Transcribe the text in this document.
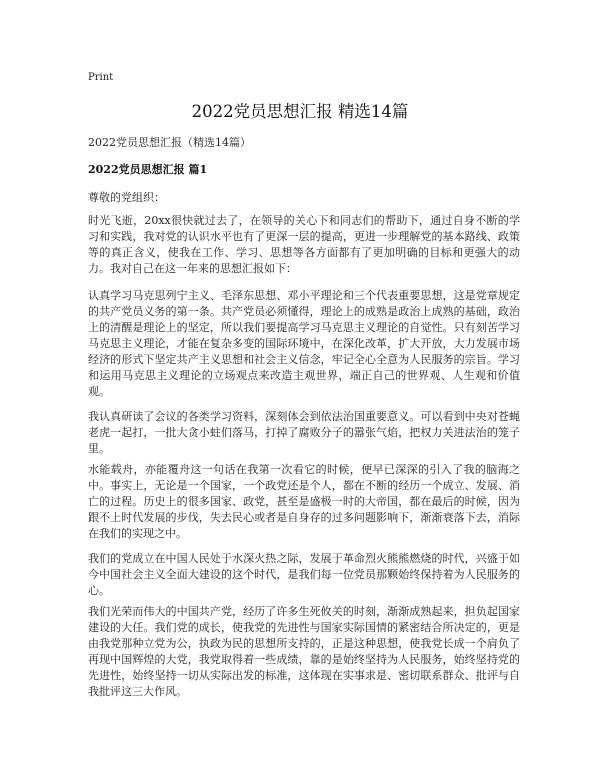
Print
2022党员思想汇报 精选14篇
2022党员思想汇报（精选14篇）
2022党员思想汇报 篇1
尊敬的党组织：

时光飞逝，20xx很快就过去了，在领导的关心下和同志们的帮助下，通过自身不断的学习和实践，我对党的认识水平也有了更深一层的提高，更进一步理解党的基本路线、政策等的真正含义，使我在工作、学习、思想等各方面都有了更加明确的目标和更强大的动力。我对自己在这一年来的思想汇报如下：

认真学习马克思列宁主义、毛泽东思想、邓小平理论和三个代表重要思想，这是党章规定的共产党员义务的第一条。共产党员必须懂得，理论上的成熟是政治上成熟的基础，政治上的清醒是理论上的坚定，所以我们要提高学习马克思主义理论的自觉性。只有刻苦学习马克思主义理论，才能在复杂多变的国际环境中，在深化改革，扩大开放，大力发展市场经济的形式下坚定共产主义思想和社会主义信念，牢记全心全意为人民服务的宗旨。学习和运用马克思主义理论的立场观点来改造主观世界，端正自己的世界观、人生观和价值观。

我认真研读了会议的各类学习资料，深刻体会到依法治国重要意义。可以看到中央对苍蝇老虎一起打，一批大贪小蛀们落马，打掉了腐败分子的嚣张气焰，把权力关进法治的笼子里。

水能载舟，亦能覆舟这一句话在我第一次看它的时候，便早已深深的引入了我的脑海之中。事实上，无论是一个国家，一个政党还是个人，都在不断的经历一个成立、发展、消亡的过程。历史上的很多国家、政党，甚至是盛极一时的大帝国，都在最后的时候，因为跟不上时代发展的步伐，失去民心或者是自身存的过多问题影响下，渐渐衰落下去，消际在我们的实现之中。

我们的党成立在中国人民处于水深火热之际，发展于革命烈火熊熊燃烧的时代，兴盛于如今中国社会主义全面大建设的这个时代，是我们每一位党员那颗始终保持着为人民服务的心。

我们光荣而伟大的中国共产党，经历了许多生死攸关的时刻，渐渐成熟起来，担负起国家建设的大任。我们党的成长，使我党的先进性与国家实际国情的紧密结合所决定的，更是由我党那种立党为公，执政为民的思想所支持的，正是这种思想，使我党长成一个肩负了再现中国辉煌的大党，我党取得着一些成绩，靠的是始终坚持为人民服务，始终坚持党的先进性，始终坚持一切从实际出发的标准，这体现在实事求是、密切联系群众、批评与自我批评这三大作风。
